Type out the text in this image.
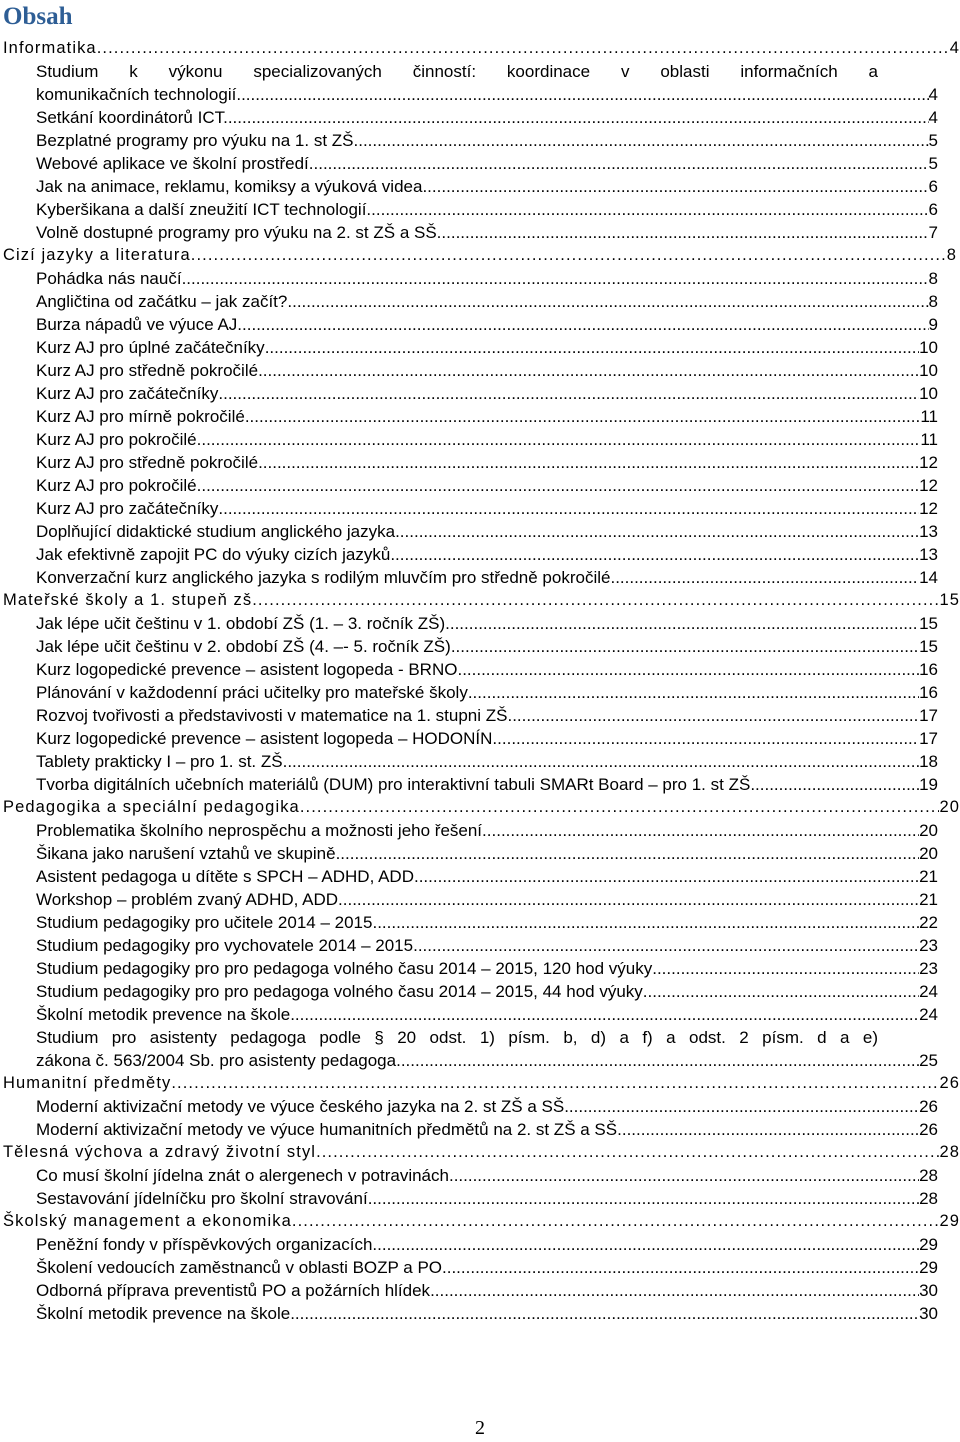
Obsah
Informatika .....	4
Studium k výkonu specializovaných činností: koordinace v oblasti informačních a
komunikačních technologií .....	4
Setkání koordinátorů ICT. .....	4
Bezplatné programy pro výuku na 1. st ZŠ .....	5
Webové aplikace ve školní prostředí .....	5
Jak na animace, reklamu, komiksy a výuková videa .....	6
Kyberšikana a další zneužití ICT technologií .....	6
Volně dostupné programy pro výuku na 2. st ZŠ a SŠ .....	7
Cizí jazyky a literatura .....	8
Pohádka nás naučí .....	8
Angličtina od začátku – jak začít? .....	8
Burza nápadů ve výuce AJ .....	9
Kurz AJ pro úplné začátečníky .....	10
Kurz AJ pro středně pokročilé .....	10
Kurz AJ pro začátečníky .....	10
Kurz AJ pro mírně pokročilé .....	11
Kurz AJ pro pokročilé .....	11
Kurz AJ pro středně pokročilé .....	12
Kurz AJ pro pokročilé .....	12
Kurz AJ pro začátečníky .....	12
Doplňující didaktické studium anglického jazyka .....	13
Jak efektivně zapojit PC do výuky cizích jazyků .....	13
Konverzační kurz anglického jazyka s rodilým mluvčím pro středně pokročilé .....	14
Mateřské školy a 1. stupeň zš .....	15
Jak lépe učit češtinu v 1. období ZŠ (1. – 3. ročník ZŠ) .....	15
Jak lépe učit češtinu v 2. období ZŠ (4. –- 5. ročník ZŠ) .....	15
Kurz logopedické prevence – asistent logopeda - BRNO .....	16
Plánování v každodenní práci učitelky pro mateřské školy .....	16
Rozvoj tvořivosti a představivosti v matematice na 1. stupni ZŠ .....	17
Kurz logopedické prevence – asistent logopeda – HODONÍN .....	17
Tablety prakticky I – pro 1. st. ZŠ .....	18
Tvorba digitálních učebních materiálů (DUM) pro interaktivní tabuli SMARt Board – pro 1. st ZŠ .....	19
Pedagogika a speciální pedagogika .....	20
Problematika školního neprospěchu a možnosti jeho řešení .....	20
Šikana jako narušení vztahů ve skupině .....	20
Asistent pedagoga u dítěte s SPCH – ADHD, ADD. .....	21
Workshop – problém zvaný ADHD, ADD .....	21
Studium pedagogiky pro učitele 2014 – 2015 .....	22
Studium pedagogiky pro vychovatele 2014 – 2015 .....	23
Studium pedagogiky pro pro pedagoga volného času 2014 – 2015, 120 hod výuky .....	23
Studium pedagogiky pro pro pedagoga volného času 2014 – 2015, 44 hod výuky .....	24
Školní metodik prevence na škole .....	24
Studium pro asistenty pedagoga podle § 20 odst. 1) písm. b, d) a f) a odst. 2 písm. d a e)
zákona č. 563/2004 Sb. pro asistenty pedagoga. .....	25
Humanitní předměty .....	26
Moderní aktivizační metody ve výuce českého jazyka na 2. st ZŠ a SŠ .....	26
Moderní aktivizační metody ve výuce humanitních předmětů na 2. st ZŠ a SŠ .....	26
Tělesná výchova a zdravý životní styl .....	28
Co musí školní jídelna znát o alergenech v potravinách .....	28
Sestavování jídelníčku pro školní stravování .....	28
Školský management a ekonomika .....	29
Peněžní fondy v příspěvkových organizacích .....	29
Školení vedoucích zaměstnanců v oblasti BOZP a PO .....	29
Odborná příprava preventistů PO a požárních hlídek .....	30
Školní metodik prevence na škole .....	30
2
